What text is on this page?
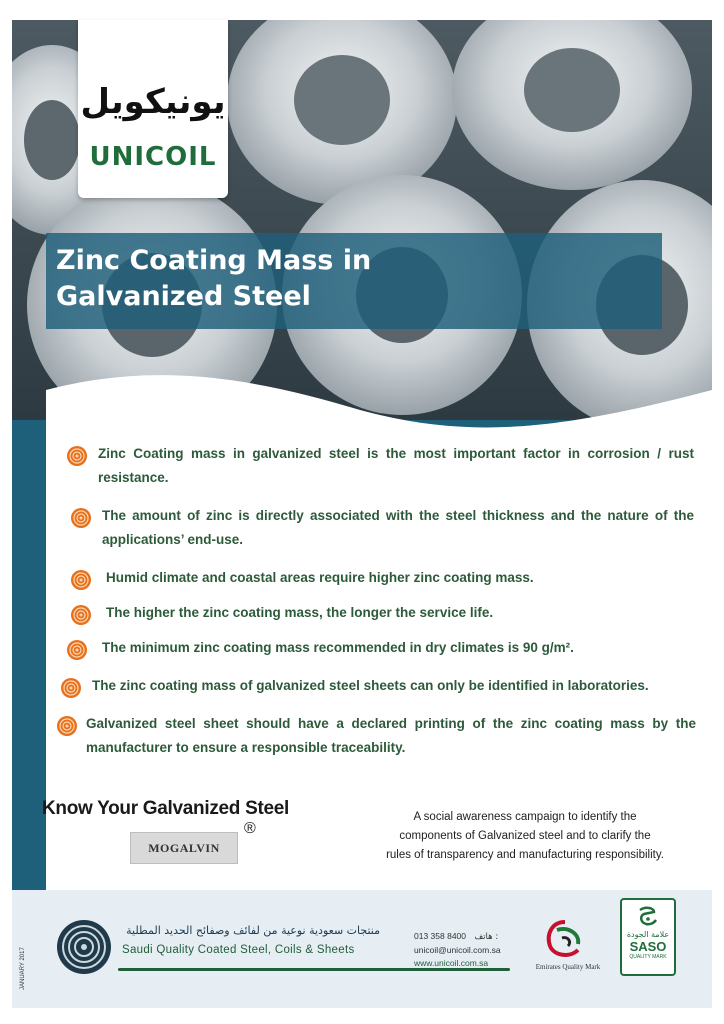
يونيكويل
UNICOIL
Zinc Coating Mass in
Galvanized Steel
Zinc Coating mass in galvanized steel is the most important factor in corrosion / rust resistance.
The amount of zinc is directly associated with the steel thickness and the nature of the applications’ end-use.
Humid climate and coastal areas require higher zinc coating mass.
The higher the zinc coating mass, the longer the service life.
The minimum zinc coating mass recommended in dry climates is 90 g/m².
The zinc coating mass of galvanized steel sheets can only be identified in laboratories.
Galvanized steel sheet should have a declared printing of the zinc coating mass by the manufacturer to ensure a responsible traceability.
Know Your Galvanized Steel
MOGALVIN
®
A social awareness campaign to identify the
components of Galvanized steel and to clarify the
rules of transparency and manufacturing responsibility.
JANUARY 2017
منتجات سعودية نوعية من لفائف وصفائح الحديد المطلية
Saudi Quality Coated Steel, Coils & Sheets
013 358 8400 هاتف :
unicoil@unicoil.com.sa
www.unicoil.com.sa	Emirates Quality Mark
علامة الجودة
SASO
QUALITY MARK
